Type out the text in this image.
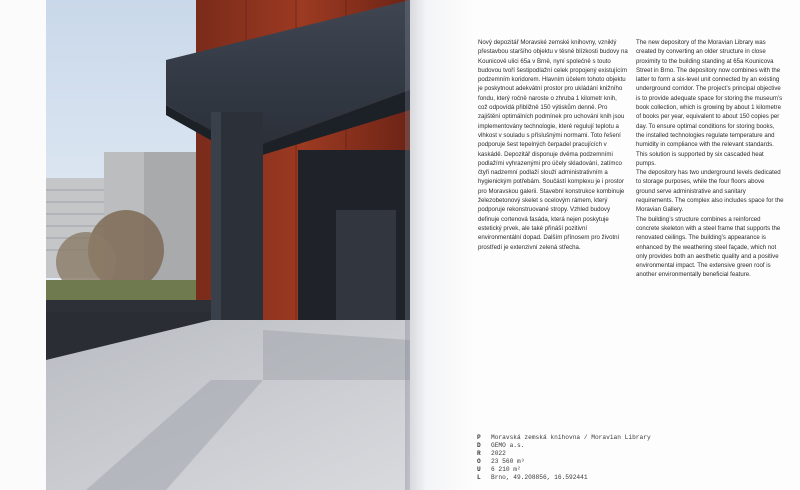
Nový depozitář Moravské zemské knihovny, vzniklý přestavbou staršího objektu v těsné blízkosti budovy na Kounicově ulici 65a v Brně, nyní společně s touto budovou tvoří šestipodlažní celek propojený existujícím podzemním koridorem. Hlavním účelem tohoto objektu je poskytnout adekvátní prostor pro ukládání knižního fondu, který ročně naroste o zhruba 1 kilometr knih, což odpovídá přibližně 150 výtiskům denně. Pro zajištění optimálních podmínek pro uchování knih jsou implementovány technologie, které regulují teplotu a vlhkost v souladu s příslušnými normami. Toto řešení podporuje šest tepelných čerpadel pracujících v kaskádě. Depozitář disponuje dvěma podzemními podlažími vyhrazenými pro účely skladování, zatímco čtyři nadzemní podlaží slouží administrativním a hygienickým potřebám. Součástí komplexu je i prostor pro Moravskou galerii. Stavební konstrukce kombinuje železobetonový skelet s ocelovým rámem, který podporuje rekonstruované stropy. Vzhled budovy definuje cortenová fasáda, která nejen poskytuje estetický prvek, ale také přináší pozitivní environmentální dopad. Dalším přínosem pro životní prostředí je extenzivní zelená střecha.

The new depository of the Moravian Library was created by converting an older structure in close proximity to the building standing at 65a Kounicova Street in Brno. The depository now combines with the latter to form a six-level unit connected by an existing underground corridor. The project’s principal objective is to provide adequate space for storing the museum’s book collection, which is growing by about 1 kilometre of books per year, equivalent to about 150 copies per day. To ensure optimal conditions for storing books, the installed technologies regulate temperature and humidity in compliance with the relevant standards. This solution is supported by six cascaded heat pumps.

The depository has two underground levels dedicated to storage purposes, while the four floors above ground serve administrative and sanitary requirements. The complex also includes space for the Moravian Gallery.

The building’s structure combines a reinforced concrete skeleton with a steel frame that supports the renovated ceilings. The building’s appearance is enhanced by the weathering steel façade, which not only provides both an aesthetic quality and a positive environmental impact. The extensive green roof is another environmentally beneficial feature.

P	Moravská zemská knihovna / Moravian Library
D	GEMO a.s.
R	2022
O	23 560 m³
U	6 210 m²
L	Brno, 49.208856, 16.592441
